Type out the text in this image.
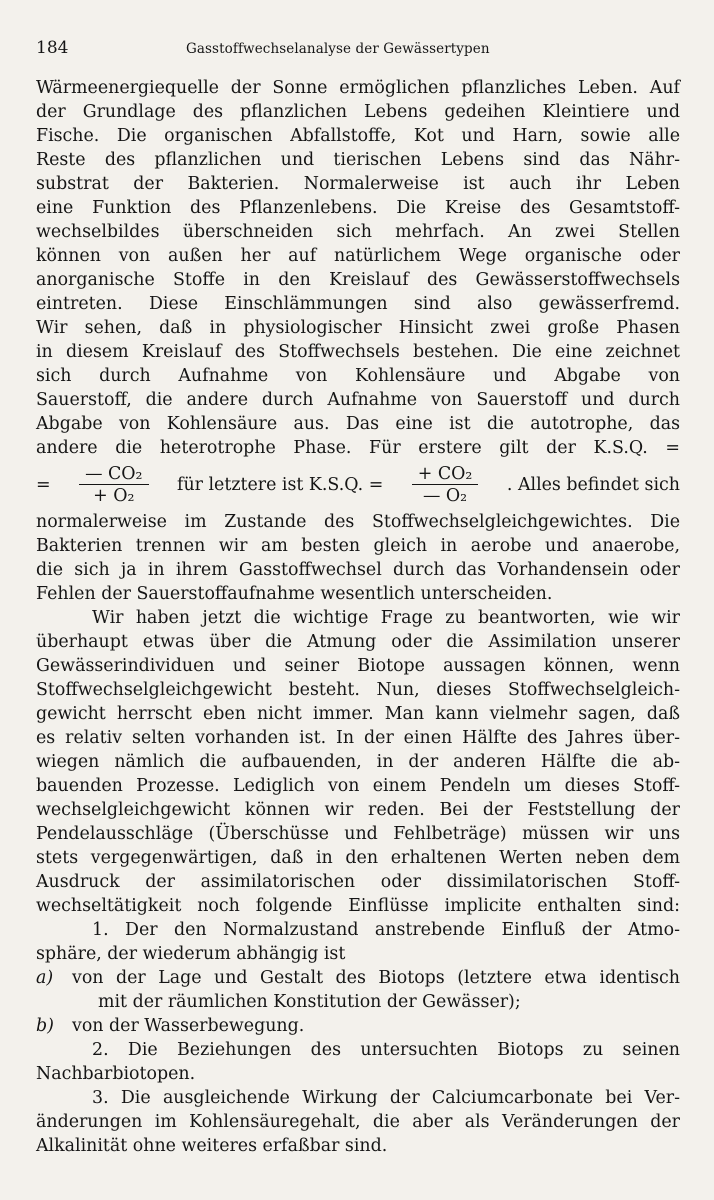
184	Gasstoffwechselanalyse der Gewässertypen

Wärmeenergiequelle der Sonne ermöglichen pflanzliches Leben. Auf
der Grundlage des pflanzlichen Lebens gedeihen Kleintiere und
Fische. Die organischen Abfallstoffe, Kot und Harn, sowie alle
Reste des pflanzlichen und tierischen Lebens sind das Nähr-
substrat der Bakterien. Normalerweise ist auch ihr Leben
eine Funktion des Pflanzenlebens. Die Kreise des Gesamtstoff-
wechselbildes überschneiden sich mehrfach. An zwei Stellen
können von außen her auf natürlichem Wege organische oder
anorganische Stoffe in den Kreislauf des Gewässerstoffwechsels
eintreten. Diese Einschlämmungen sind also gewässerfremd.
Wir sehen, daß in physiologischer Hinsicht zwei große Phasen
in diesem Kreislauf des Stoffwechsels bestehen. Die eine zeichnet
sich durch Aufnahme von Kohlensäure und Abgabe von
Sauerstoff, die andere durch Aufnahme von Sauerstoff und durch
Abgabe von Kohlensäure aus. Das eine ist die autotrophe, das
andere die heterotrophe Phase. Für erstere gilt der K.S.Q. =
= $\frac{\text{— CO₂}}{\text{+ O₂}}$ für letztere ist K.S.Q. = $\frac{\text{+ CO₂}}{\text{— O₂}}$ . Alles befindet sich
normalerweise im Zustande des Stoffwechselgleichgewichtes. Die
Bakterien trennen wir am besten gleich in aerobe und anaerobe,
die sich ja in ihrem Gasstoffwechsel durch das Vorhandensein oder
Fehlen der Sauerstoffaufnahme wesentlich unterscheiden.

Wir haben jetzt die wichtige Frage zu beantworten, wie wir
überhaupt etwas über die Atmung oder die Assimilation unserer
Gewässerindividuen und seiner Biotope aussagen können, wenn
Stoffwechselgleichgewicht besteht. Nun, dieses Stoffwechselgleich-
gewicht herrscht eben nicht immer. Man kann vielmehr sagen, daß
es relativ selten vorhanden ist. In der einen Hälfte des Jahres über-
wiegen nämlich die aufbauenden, in der anderen Hälfte die ab-
bauenden Prozesse. Lediglich von einem Pendeln um dieses Stoff-
wechselgleichgewicht können wir reden. Bei der Feststellung der
Pendelausschläge (Überschüsse und Fehlbeträge) müssen wir uns
stets vergegenwärtigen, daß in den erhaltenen Werten neben dem
Ausdruck der assimilatorischen oder dissimilatorischen Stoff-
wechseltätigkeit noch folgende Einflüsse implicite enthalten sind:

1. Der den Normalzustand anstrebende Einfluß der Atmo-
sphäre, der wiederum abhängig ist

a)	von der Lage und Gestalt des Biotops (letztere etwa identisch
mit der räumlichen Konstitution der Gewässer);
b)	von der Wasserbewegung.

2. Die Beziehungen des untersuchten Biotops zu seinen
Nachbarbiotopen.

3. Die ausgleichende Wirkung der Calciumcarbonate bei Ver-
änderungen im Kohlensäuregehalt, die aber als Veränderungen der
Alkalinität ohne weiteres erfaßbar sind.
